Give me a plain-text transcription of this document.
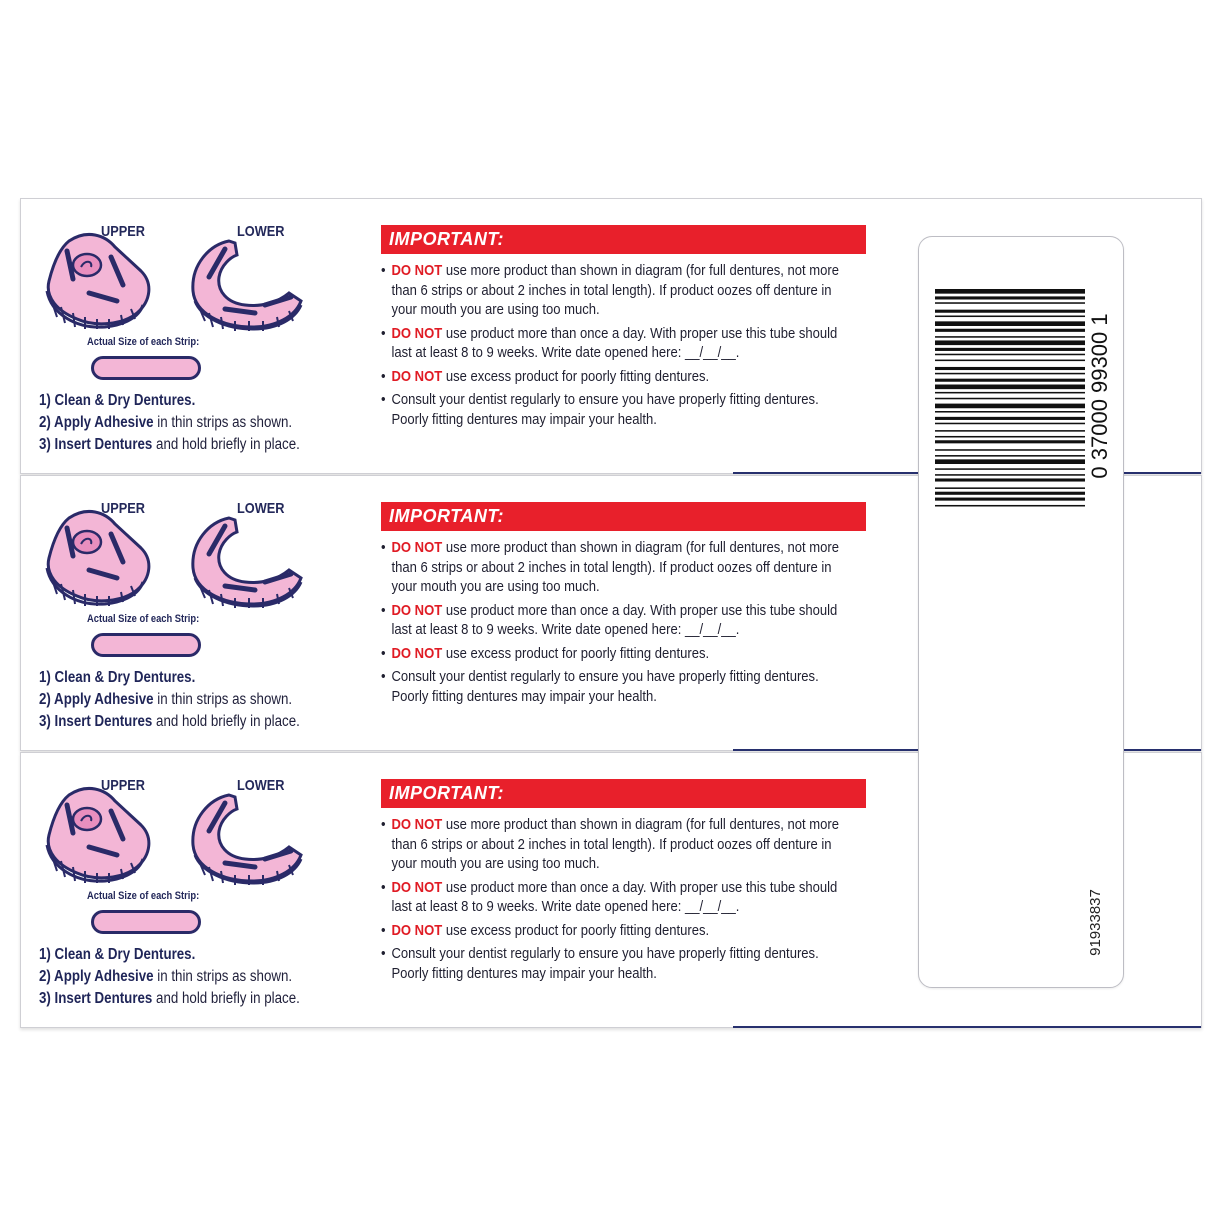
UPPER	LOWER
Actual Size of each Strip:
1) Clean & Dry Dentures.
2) Apply Adhesive in thin strips as shown.
3) Insert Dentures and hold briefly in place.
IMPORTANT:
• DO NOT use more product than shown in diagram (for full dentures, not more
than 6 strips or about 2 inches in total length). If product oozes off denture in
your mouth you are using too much.
• DO NOT use product more than once a day. With proper use this tube should
last at least 8 to 9 weeks. Write date opened here: __/__/__.
• DO NOT use excess product for poorly fitting dentures.
• Consult your dentist regularly to ensure you have properly fitting dentures.
Poorly fitting dentures may impair your health.
UPPER	LOWER
Actual Size of each Strip:
1) Clean & Dry Dentures.
2) Apply Adhesive in thin strips as shown.
3) Insert Dentures and hold briefly in place.
IMPORTANT:
• DO NOT use more product than shown in diagram (for full dentures, not more
than 6 strips or about 2 inches in total length). If product oozes off denture in
your mouth you are using too much.
• DO NOT use product more than once a day. With proper use this tube should
last at least 8 to 9 weeks. Write date opened here: __/__/__.
• DO NOT use excess product for poorly fitting dentures.
• Consult your dentist regularly to ensure you have properly fitting dentures.
Poorly fitting dentures may impair your health.
UPPER	LOWER
Actual Size of each Strip:
1) Clean & Dry Dentures.
2) Apply Adhesive in thin strips as shown.
3) Insert Dentures and hold briefly in place.
IMPORTANT:
• DO NOT use more product than shown in diagram (for full dentures, not more
than 6 strips or about 2 inches in total length). If product oozes off denture in
your mouth you are using too much.
• DO NOT use product more than once a day. With proper use this tube should
last at least 8 to 9 weeks. Write date opened here: __/__/__.
• DO NOT use excess product for poorly fitting dentures.
• Consult your dentist regularly to ensure you have properly fitting dentures.
Poorly fitting dentures may impair your health.
0 37000 99300 1
91933837
